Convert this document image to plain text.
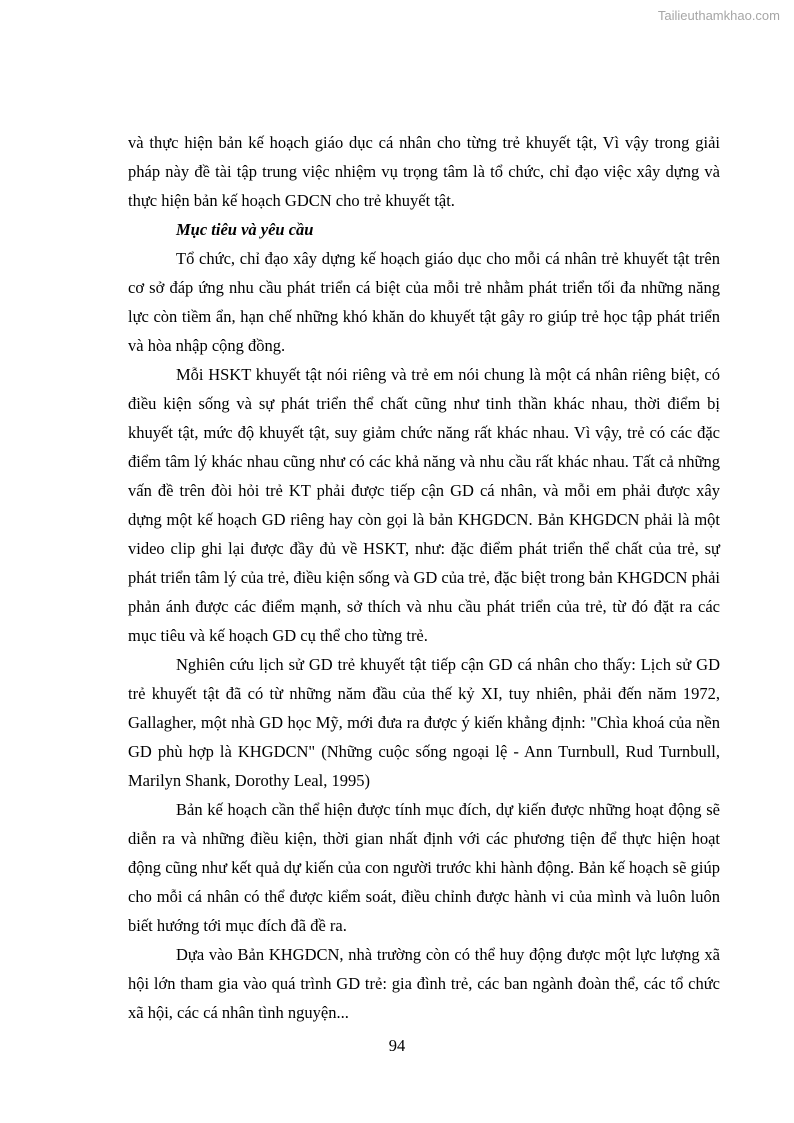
Tailieuthamkhao.com

và thực hiện bản kế hoạch giáo dục cá nhân cho từng trẻ khuyết tật, Vì vậy trong giải pháp này đề tài tập trung việc nhiệm vụ trọng tâm là tổ chức, chỉ đạo việc xây dựng và thực hiện bản kế hoạch GDCN cho trẻ khuyết tật.

Mục tiêu và yêu cầu

Tổ chức, chỉ đạo xây dựng kế hoạch giáo dục cho mỗi cá nhân trẻ khuyết tật trên cơ sở đáp ứng nhu cầu phát triển cá biệt của mỗi trẻ nhằm phát triển tối đa những năng lực còn tiềm ẩn, hạn chế những khó khăn do khuyết tật gây ro giúp trẻ học tập phát triển và hòa nhập cộng đồng.

Mỗi HSKT khuyết tật nói riêng và trẻ em nói chung là một cá nhân riêng biệt, có điều kiện sống và sự phát triển thể chất cũng như tinh thần khác nhau, thời điểm bị khuyết tật, mức độ khuyết tật, suy giảm chức năng rất khác nhau. Vì vậy, trẻ có các đặc điểm tâm lý khác nhau cũng như có các khả năng và nhu cầu rất khác nhau. Tất cả những vấn đề trên đòi hỏi trẻ KT phải được tiếp cận GD cá nhân, và mỗi em phải được xây dựng một kế hoạch GD riêng hay còn gọi là bản KHGDCN. Bản KHGDCN phải là một video clip ghi lại được đầy đủ về HSKT, như: đặc điểm phát triển thể chất của trẻ, sự phát triển tâm lý của trẻ, điều kiện sống và GD của trẻ, đặc biệt trong bản KHGDCN phải phản ánh được các điểm mạnh, sở thích và nhu cầu phát triển của trẻ, từ đó đặt ra các mục tiêu và kế hoạch GD cụ thể cho từng trẻ.

Nghiên cứu lịch sử GD trẻ khuyết tật tiếp cận GD cá nhân cho thấy: Lịch sử GD trẻ khuyết tật đã có từ những năm đầu của thế kỷ XI, tuy nhiên, phải đến năm 1972, Gallagher, một nhà GD học Mỹ, mới đưa ra được ý kiến khẳng định: "Chìa khoá của nền GD phù hợp là KHGDCN" (Những cuộc sống ngoại lệ - Ann Turnbull, Rud Turnbull, Marilyn Shank, Dorothy Leal, 1995)

Bản kế hoạch cần thể hiện được tính mục đích, dự kiến được những hoạt động sẽ diễn ra và những điều kiện, thời gian nhất định với các phương tiện để thực hiện hoạt động cũng như kết quả dự kiến của con người trước khi hành động. Bản kế hoạch sẽ giúp cho mỗi cá nhân có thể được kiểm soát, điều chỉnh được hành vi của mình và luôn luôn biết hướng tới mục đích đã đề ra.

Dựa vào Bản KHGDCN, nhà trường còn có thể huy động được một lực lượng xã hội lớn tham gia vào quá trình GD trẻ: gia đình trẻ, các ban ngành đoàn thể, các tổ chức xã hội, các cá nhân tình nguyện...

94
